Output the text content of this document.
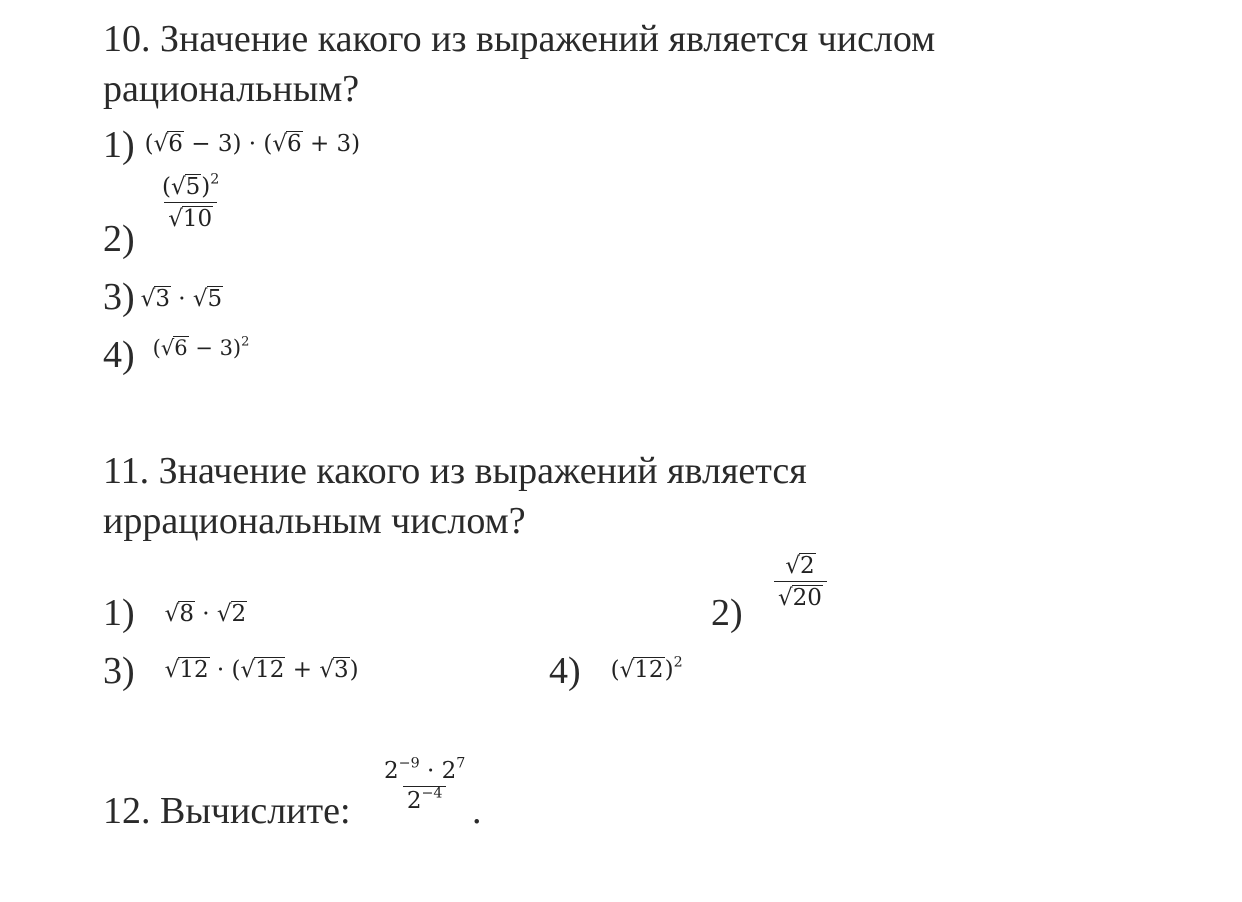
10. Значение какого из выражений является числом
рациональным?
1) (√6 − 3) · (√6 + 3)
2)
$\frac{(√5)^2}{√10}$
3) √3 · √5
4) $(√6 - 3)^2$
11. Значение какого из выражений является
иррациональным числом?
1) √8 · √2	2)
$\frac{√2}{√20}$
3) √12 · (√12 + √3)	4) $(√12)^2$
12. Вычислите: $\frac{2^{-9} \cdot 2^7}{2^{-4}}$ .
